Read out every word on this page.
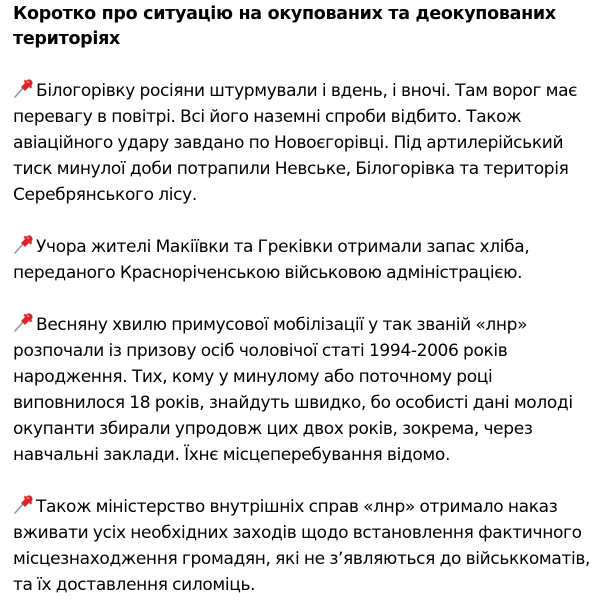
Коротко про ситуацію на окупованих та деокупованих територіях

Білогорівку росіяни штурмували і вдень, і вночі. Там ворог має перевагу в повітрі. Всі його наземні спроби відбито. Також авіаційного удару завдано по Новоєгорівці. Під артилерійський тиск минулої доби потрапили Невське, Білогорівка та територія Серебрянського лісу.

Учора жителі Макіївки та Греківки отримали запас хліба, переданого Красноріченською військовою адміністрацією.

Весняну хвилю примусової мобілізації у так званій «лнр» розпочали із призову осіб чоловічої статі 1994-2006 років народження. Тих, кому у минулому або поточному році виповнилося 18 років, знайдуть швидко, бо особисті дані молоді окупанти збирали упродовж цих двох років, зокрема, через навчальні заклади. Їхнє місцеперебування відомо.

Також міністерство внутрішніх справ «лнр» отримало наказ вживати усіх необхідних заходів щодо встановлення фактичного місцезнаходження громадян, які не зʼявляються до військкоматів, та їх доставлення силоміць.
